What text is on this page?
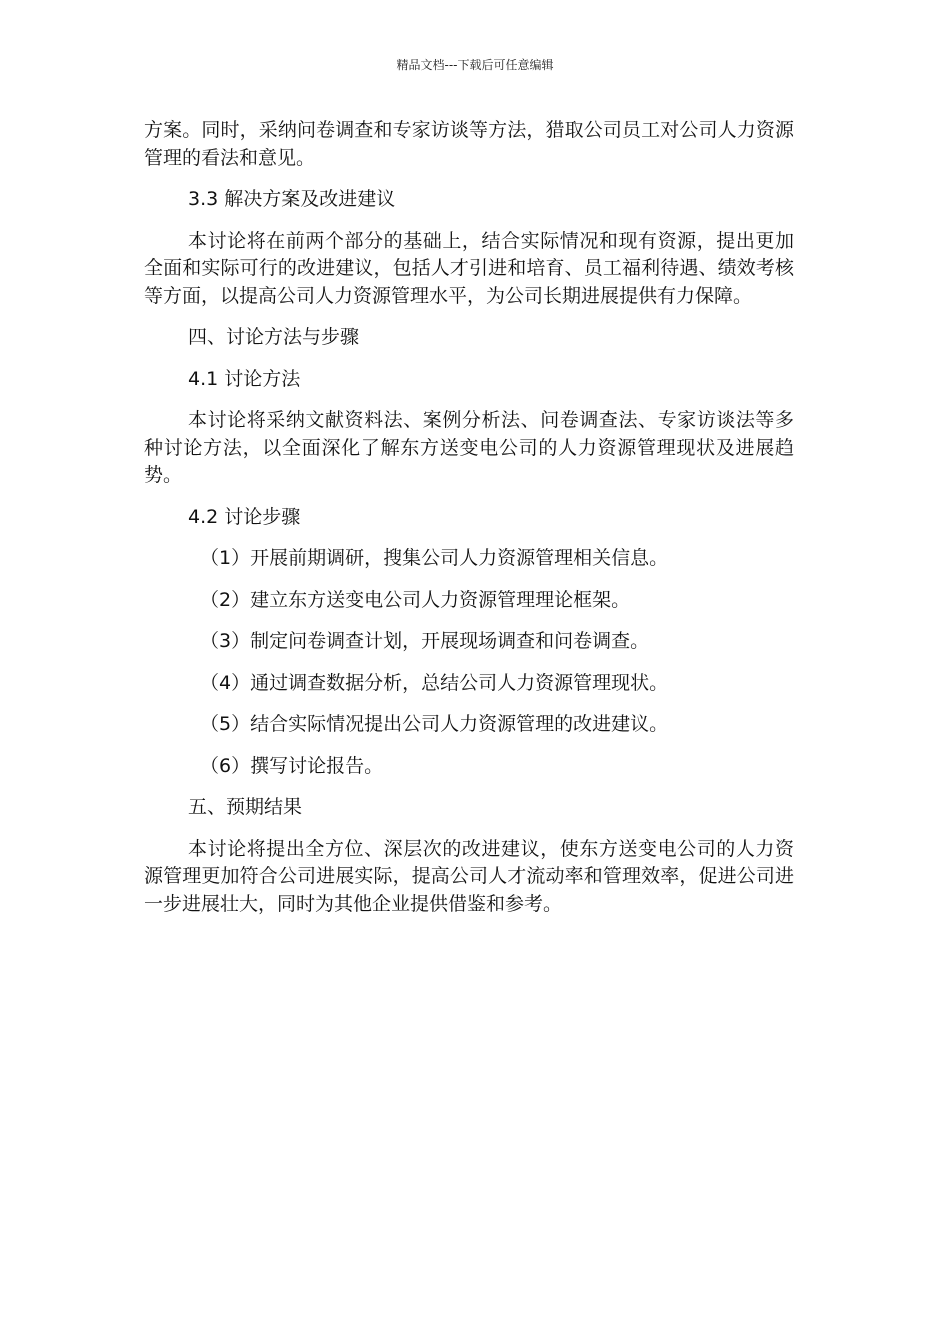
精品文档---下载后可任意编辑

方案。同时，采纳问卷调查和专家访谈等方法，猎取公司员工对公司人力资源管理的看法和意见。

3.3 解决方案及改进建议

本讨论将在前两个部分的基础上，结合实际情况和现有资源，提出更加全面和实际可行的改进建议，包括人才引进和培育、员工福利待遇、绩效考核等方面，以提高公司人力资源管理水平，为公司长期进展提供有力保障。

四、讨论方法与步骤
4.1 讨论方法

本讨论将采纳文献资料法、案例分析法、问卷调查法、专家访谈法等多种讨论方法，以全面深化了解东方送变电公司的人力资源管理现状及进展趋势。

4.2 讨论步骤
（1）开展前期调研，搜集公司人力资源管理相关信息。
（2）建立东方送变电公司人力资源管理理论框架。
（3）制定问卷调查计划，开展现场调查和问卷调查。
（4）通过调查数据分析，总结公司人力资源管理现状。
（5）结合实际情况提出公司人力资源管理的改进建议。
（6）撰写讨论报告。
五、预期结果

本讨论将提出全方位、深层次的改进建议，使东方送变电公司的人力资源管理更加符合公司进展实际，提高公司人才流动率和管理效率，促进公司进一步进展壮大，同时为其他企业提供借鉴和参考。
